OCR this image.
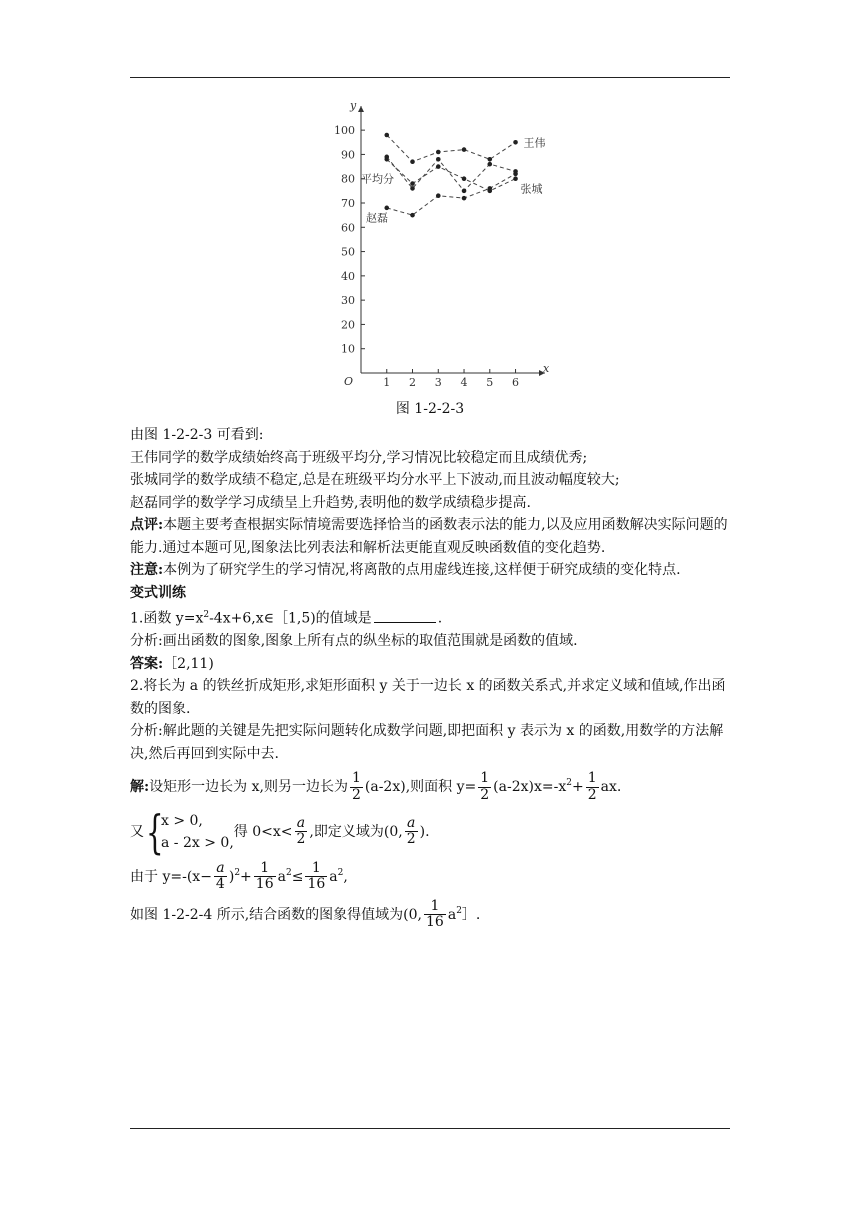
y
x
O
10
20
30
40
50
60
70
80
90
100
1 2 3 4 5 6
王伟
张城
平均分
赵磊
图 1-2-2-3

由图 1-2-2-3 可看到:

王伟同学的数学成绩始终高于班级平均分,学习情况比较稳定而且成绩优秀;

张城同学的数学成绩不稳定,总是在班级平均分水平上下波动,而且波动幅度较大;

赵磊同学的数学学习成绩呈上升趋势,表明他的数学成绩稳步提高.

点评:本题主要考查根据实际情境需要选择恰当的函数表示法的能力,以及应用函数解决实际问题的能力.通过本题可见,图象法比列表法和解析法更能直观反映函数值的变化趋势.

注意:本例为了研究学生的学习情况,将离散的点用虚线连接,这样便于研究成绩的变化特点.

变式训练

1.函数 $y=x^2-4x+6,x\in[1,5$)的值域是	.

分析:画出函数的图象,图象上所有点的纵坐标的取值范围就是函数的值域.

答案:［2,11)

2.将长为 a 的铁丝折成矩形,求矩形面积 y 关于一边长 x 的函数关系式,并求定义域和值域,作出函数的图象.

分析:解此题的关键是先把实际问题转化成数学问题,即把面积 y 表示为 x 的函数,用数学的方法解决,然后再回到实际中去.

解:设矩形一边长为 x,则另一边长为 $\frac{1}{2} (a-2x)$,则面积 $y= \frac{1}{2} (a-2x)x=-x^2+ \frac{1}{2}$ ax.

又 {
x > 0,
a - 2x > 0,
得 $0<x< \frac{a}{2}$ ,即定义域为(0, $\frac{a}{2}$ ).

由于 $y=-(x- \frac{a}{4} )^2+ \frac{1}{16} a^2\le \frac{1}{16} a^2$,

如图 1-2-2-4 所示,结合函数的图象得值域为(0, $\frac{1}{16}$ $a^2]$.
